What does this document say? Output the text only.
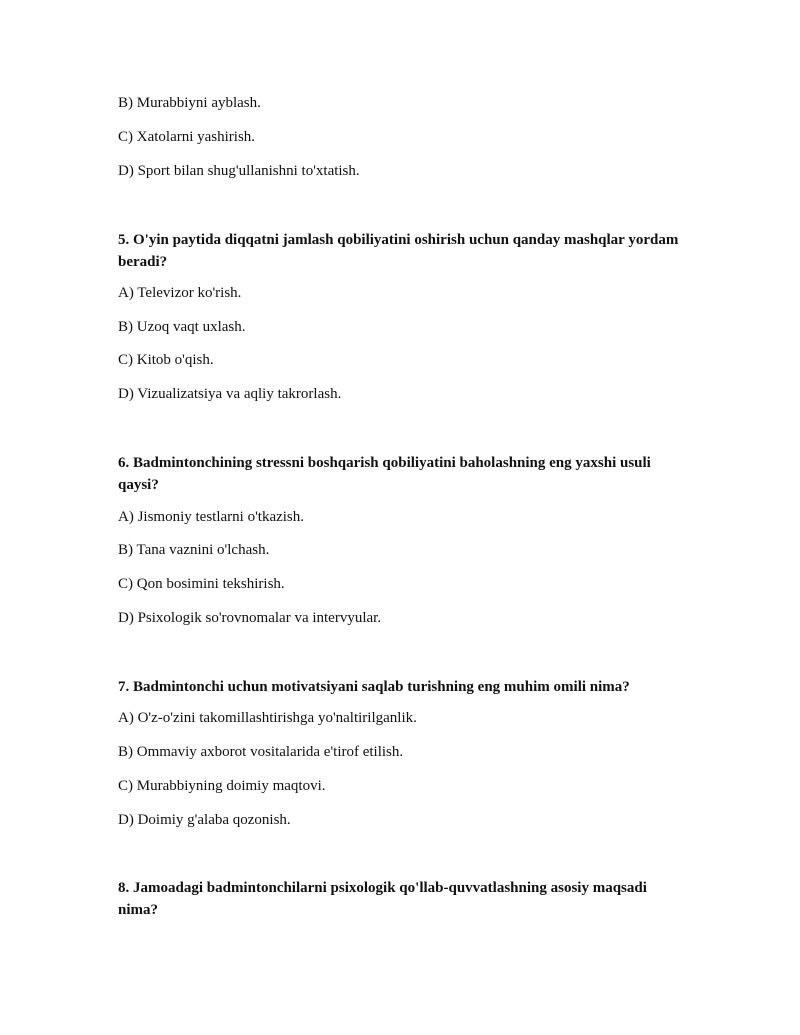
B) Murabbiyni ayblash.

C) Xatolarni yashirish.

D) Sport bilan shug'ullanishni to'xtatish.

5. O'yin paytida diqqatni jamlash qobiliyatini oshirish uchun qanday mashqlar yordam beradi?

A) Televizor ko'rish.

B) Uzoq vaqt uxlash.

C) Kitob o'qish.

D) Vizualizatsiya va aqliy takrorlash.

6. Badmintonchining stressni boshqarish qobiliyatini baholashning eng yaxshi usuli qaysi?

A) Jismoniy testlarni o'tkazish.

B) Tana vaznini o'lchash.

C) Qon bosimini tekshirish.

D) Psixologik so'rovnomalar va intervyular.

7. Badmintonchi uchun motivatsiyani saqlab turishning eng muhim omili nima?

A) O'z-o'zini takomillashtirishga yo'naltirilganlik.

B) Ommaviy axborot vositalarida e'tirof etilish.

C) Murabbiyning doimiy maqtovi.

D) Doimiy g'alaba qozonish.

8. Jamoadagi badmintonchilarni psixologik qo'llab-quvvatlashning asosiy maqsadi nima?
